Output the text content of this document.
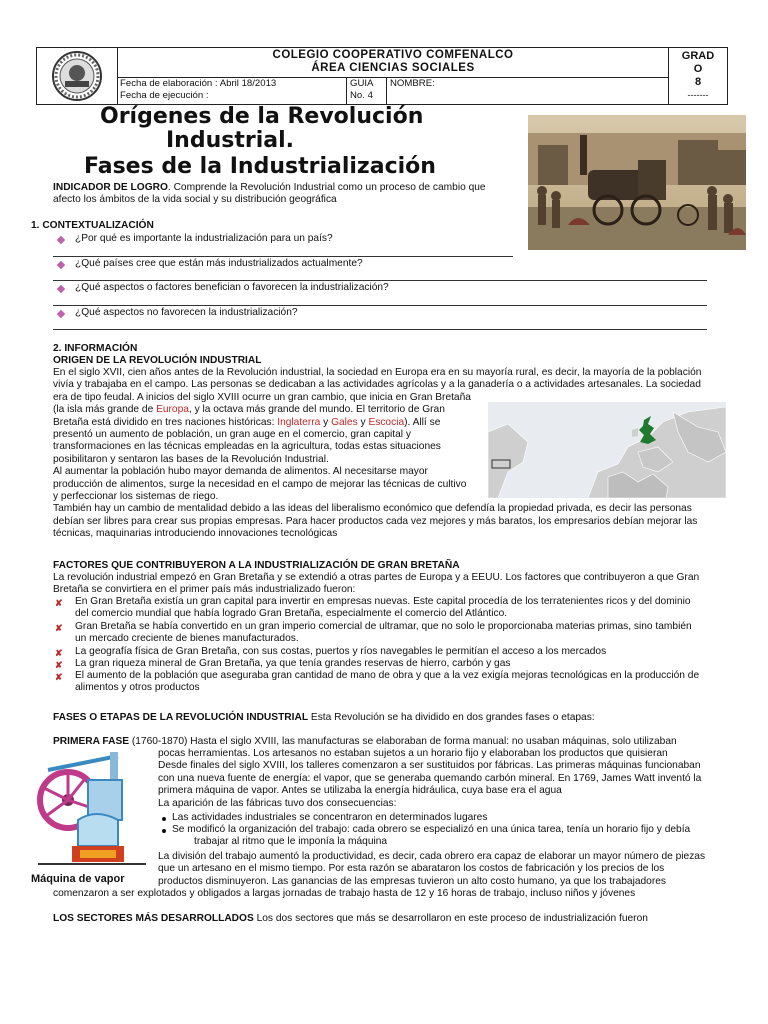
COLEGIO COOPERATIVO COMFENALCO
ÁREA CIENCIAS SOCIALES
Fecha de elaboración : Abril 18/2013
Fecha de ejecución :
GUIA
No. 4
NOMBRE:
GRAD
O
8
-------
Orígenes de la Revolución
Industrial.
Fases de la Industrialización
INDICADOR DE LOGRO. Comprende la Revolución Industrial como un proceso de cambio que
afecto los ámbitos de la vida social y su distribución geográfica
1. CONTEXTUALIZACIÓN
¿Por qué es importante la industrialización para un país?
¿Qué países cree que están más industrializados actualmente?
¿Qué aspectos o factores benefician o favorecen la industrialización?
¿Qué aspectos no favorecen la industrialización?
2. INFORMACIÓN
ORIGEN DE LA REVOLUCIÓN INDUSTRIAL
En el siglo XVII, cien años antes de la Revolución industrial, la sociedad en Europa era en su mayoría rural, es decir, la mayoría de la población
vivía y trabajaba en el campo. Las personas se dedicaban a las actividades agrícolas y a la ganadería o a actividades artesanales. La sociedad
era de tipo feudal. A inicios del siglo XVIII ocurre un gran cambio, que inicia en Gran Bretaña
(la isla más grande de Europa, y la octava más grande del mundo. El territorio de Gran
Bretaña está dividido en tres naciones históricas: Inglaterra y Gales y Escocia). Allí se
presentó un aumento de población, un gran auge en el comercio, gran capital y
transformaciones en las técnicas empleadas en la agricultura, todas estas situaciones
posibilitaron y sentaron las bases de la Revolución Industrial.
Al aumentar la población hubo mayor demanda de alimentos. Al necesitarse mayor
producción de alimentos, surge la necesidad en el campo de mejorar las técnicas de cultivo
y perfeccionar los sistemas de riego.
También hay un cambio de mentalidad debido a las ideas del liberalismo económico que defendía la propiedad privada, es decir las personas
debían ser libres para crear sus propias empresas. Para hacer productos cada vez mejores y más baratos, los empresarios debían mejorar las
técnicas, maquinarias introduciendo innovaciones tecnológicas
FACTORES QUE CONTRIBUYERON A LA INDUSTRIALIZACIÓN DE GRAN BRETAÑA
La revolución industrial empezó en Gran Bretaña y se extendió a otras partes de Europa y a EEUU. Los factores que contribuyeron a que Gran
Bretaña se convirtiera en el primer país más industrializado fueron:
✘ En Gran Bretaña existía un gran capital para invertir en empresas nuevas. Este capital procedía de los terratenientes ricos y del dominio
del comercio mundial que había logrado Gran Bretaña, especialmente el comercio del Atlántico.
✘ Gran Bretaña se había convertido en un gran imperio comercial de ultramar, que no solo le proporcionaba materias primas, sino también
un mercado creciente de bienes manufacturados.
✘ La geografía física de Gran Bretaña, con sus costas, puertos y ríos navegables le permitían el acceso a los mercados
✘ La gran riqueza mineral de Gran Bretaña, ya que tenía grandes reservas de hierro, carbón y gas
✘ El aumento de la población que aseguraba gran cantidad de mano de obra y que a la vez exigía mejoras tecnológicas en la producción de
alimentos y otros productos
FASES O ETAPAS DE LA REVOLUCIÓN INDUSTRIAL Esta Revolución se ha dividido en dos grandes fases o etapas:
PRIMERA FASE (1760-1870) Hasta el siglo XVIII, las manufacturas se elaboraban de forma manual: no usaban máquinas, solo utilizaban
Máquina de vapor
pocas herramientas. Los artesanos no estaban sujetos a un horario fijo y elaboraban los productos que quisieran
Desde finales del siglo XVIII, los talleres comenzaron a ser sustituidos por fábricas. Las primeras máquinas funcionaban
con una nueva fuente de energía: el vapor, que se generaba quemando carbón mineral. En 1769, James Watt inventó la
primera máquina de vapor. Antes se utilizaba la energía hidráulica, cuya base era el agua
La aparición de las fábricas tuvo dos consecuencias:
Las actividades industriales se concentraron en determinados lugares
Se modificó la organización del trabajo: cada obrero se especializó en una única tarea, tenía un horario fijo y debía
trabajar al ritmo que le imponía la máquina
La división del trabajo aumentó la productividad, es decir, cada obrero era capaz de elaborar un mayor número de piezas
que un artesano en el mismo tiempo. Por esta razón se abarataron los costos de fabricación y los precios de los
productos disminuyeron. Las ganancias de las empresas tuvieron un alto costo humano, ya que los trabajadores
comenzaron a ser explotados y obligados a largas jornadas de trabajo hasta de 12 y 16 horas de trabajo, incluso niños y jóvenes
LOS SECTORES MÁS DESARROLLADOS Los dos sectores que más se desarrollaron en este proceso de industrialización fueron
